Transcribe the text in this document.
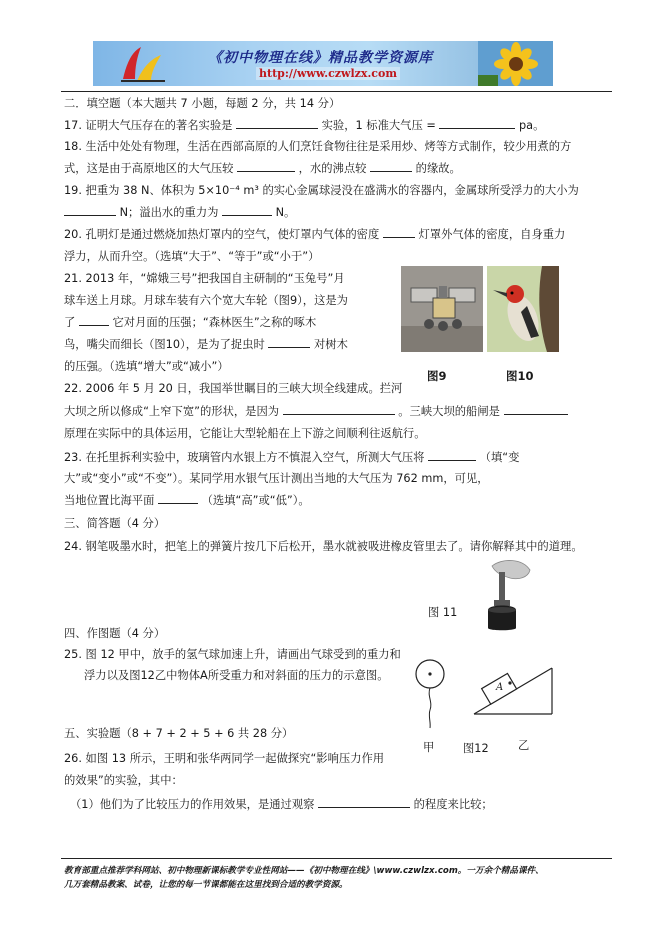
《初中物理在线》精品教学资源库
http://www.czwlzx.com
二．填空题（本大题共 7 小题，每题 2 分，共 14 分）
17. 证明大气压存在的著名实验是	实验，1 标准大气压 =	pa。
18. 生活中处处有物理，生活在西部高原的人们烹饪食物往往是采用炒、烤等方式制作，较少用煮的方
式，这是由于高原地区的大气压较	，水的沸点较	的缘故。
19. 把重为 38 N、体积为 5×10⁻⁴ m³ 的实心金属球浸没在盛满水的容器内，金属球所受浮力的大小为
N；溢出水的重力为	N。
20. 孔明灯是通过燃烧加热灯罩内的空气，使灯罩内气体的密度	灯罩外气体的密度，自身重力
浮力，从而升空。（选填“大于”、“等于”或“小于”）
21. 2013 年，“嫦娥三号”把我国自主研制的“玉兔号”月
球车送上月球。月球车装有六个宽大车轮（图9），这是为
了	它对月面的压强；“森林医生”之称的啄木
鸟，嘴尖而细长（图10），是为了捉虫时	对树木
的压强。（选填“增大”或“减小”）
图9	图10
22. 2006 年 5 月 20 日，我国举世瞩目的三峡大坝全线建成。拦河
大坝之所以修成“上窄下宽”的形状，是因为	。三峡大坝的船闸是
原理在实际中的具体运用，它能让大型轮船在上下游之间顺利往返航行。
23. 在托里拆利实验中，玻璃管内水银上方不慎混入空气，所测大气压将	（填“变
大”或“变小”或“不变”）。某同学用水银气压计测出当地的大气压为 762 mm，可见，
当地位置比海平面	（选填“高”或“低”）。
三、简答题（4 分）
24. 钢笔吸墨水时，把笔上的弹簧片按几下后松开，墨水就被吸进橡皮管里去了。请你解释其中的道理。
图 11
四、作图题（4 分）
25. 图 12 甲中，放手的氢气球加速上升，请画出气球受到的重力和
浮力以及图12乙中物体A所受重力和对斜面的压力的示意图。
A
甲	图12	乙
五、实验题（8 + 7 + 2 + 5 + 6 共 28 分）
26. 如图 13 所示，王明和张华两同学一起做探究“影响压力作用
的效果”的实验，其中：
（1）他们为了比较压力的作用效果，是通过观察	的程度来比较；
教育部重点推荐学科网站、初中物理新课标教学专业性网站——《初中物理在线》\www.czwlzx.com。一万余个精品课件、
几万套精品教案、试卷，让您的每一节课都能在这里找到合适的教学资源。
